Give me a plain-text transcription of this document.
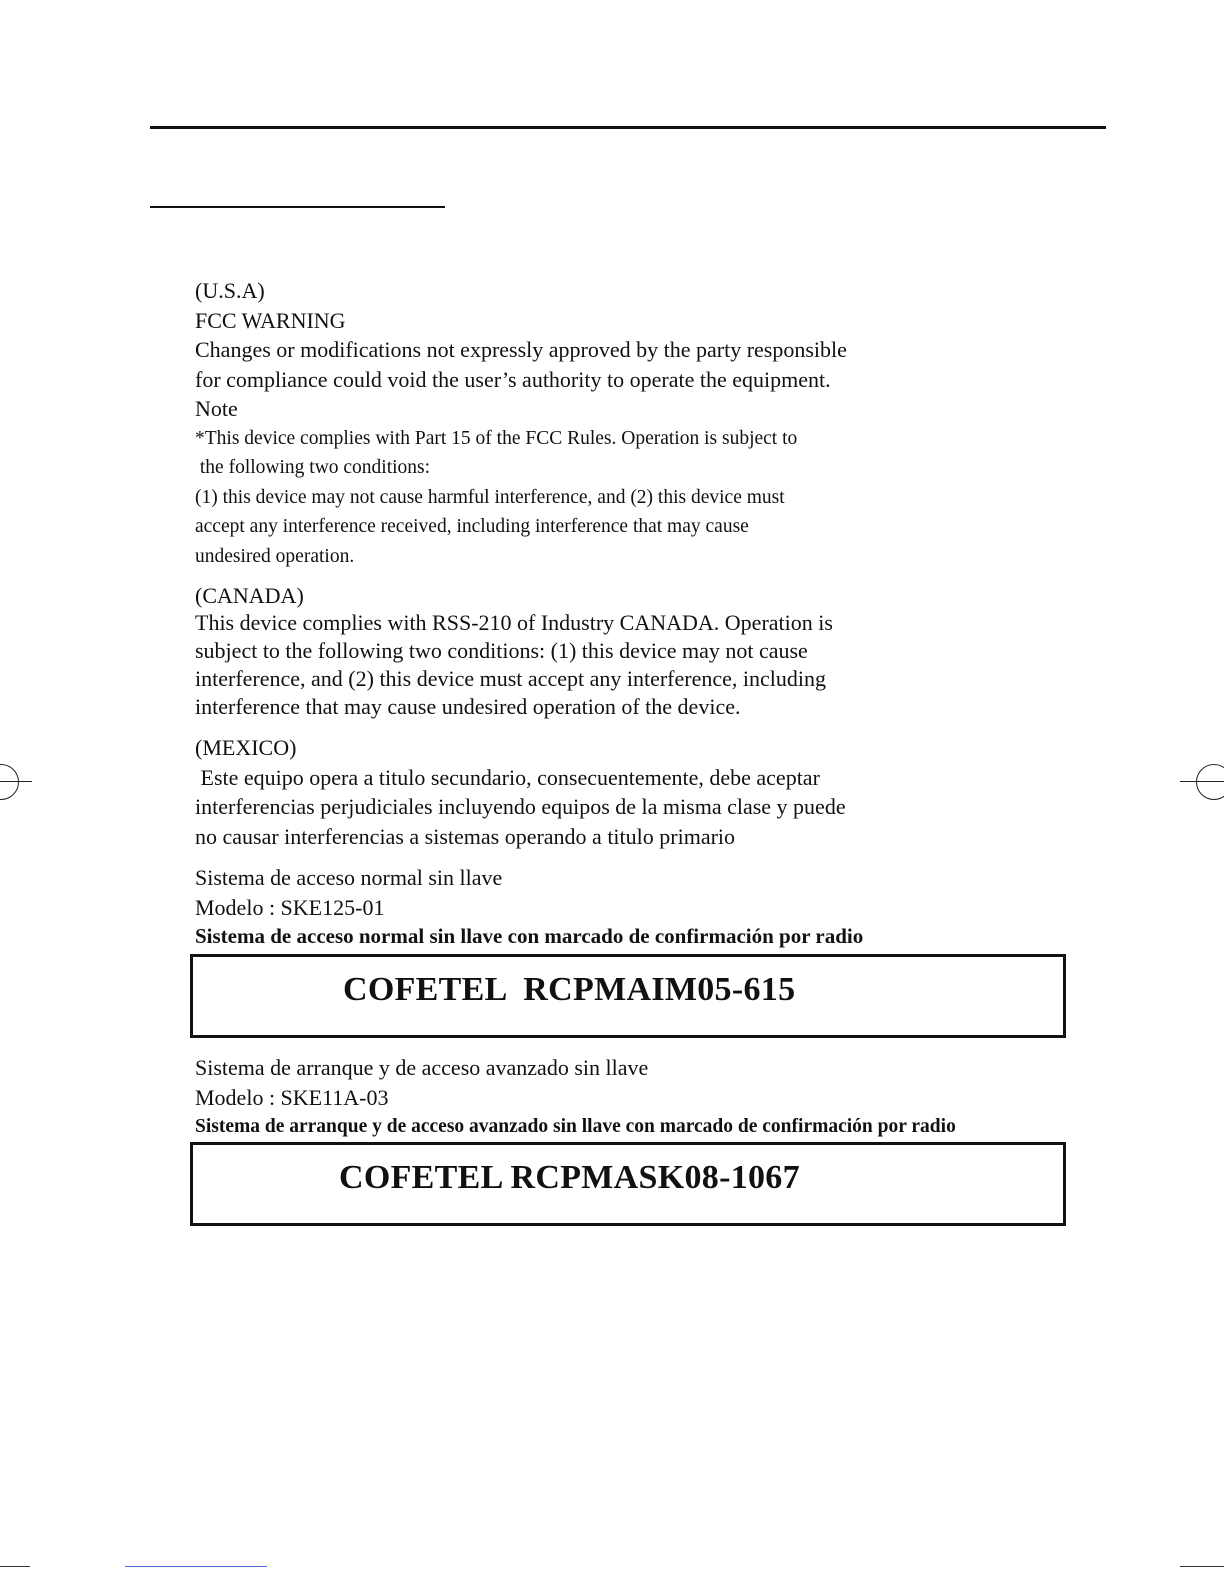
(U.S.A)
FCC WARNING
Changes or modifications not expressly approved by the party responsible
for compliance could void the user’s authority to operate the equipment.
Note
*This device complies with Part 15 of the FCC Rules. Operation is subject to
the following two conditions:
(1) this device may not cause harmful interference, and (2) this device must
accept any interference received, including interference that may cause
undesired operation.
(CANADA)
This device complies with RSS-210 of Industry CANADA. Operation is
subject to the following two conditions: (1) this device may not cause
interference, and (2) this device must accept any interference, including
interference that may cause undesired operation of the device.
(MEXICO)
Este equipo opera a titulo secundario, consecuentemente, debe aceptar
interferencias perjudiciales incluyendo equipos de la misma clase y puede
no causar interferencias a sistemas operando a titulo primario
Sistema de acceso normal sin llave
Modelo : SKE125-01
Sistema de acceso normal sin llave con marcado de confirmación por radio
COFETEL  RCPMAIM05-615
Sistema de arranque y de acceso avanzado sin llave
Modelo : SKE11A-03
Sistema de arranque y de acceso avanzado sin llave con marcado de confirmación por radio
COFETEL RCPMASK08-1067
